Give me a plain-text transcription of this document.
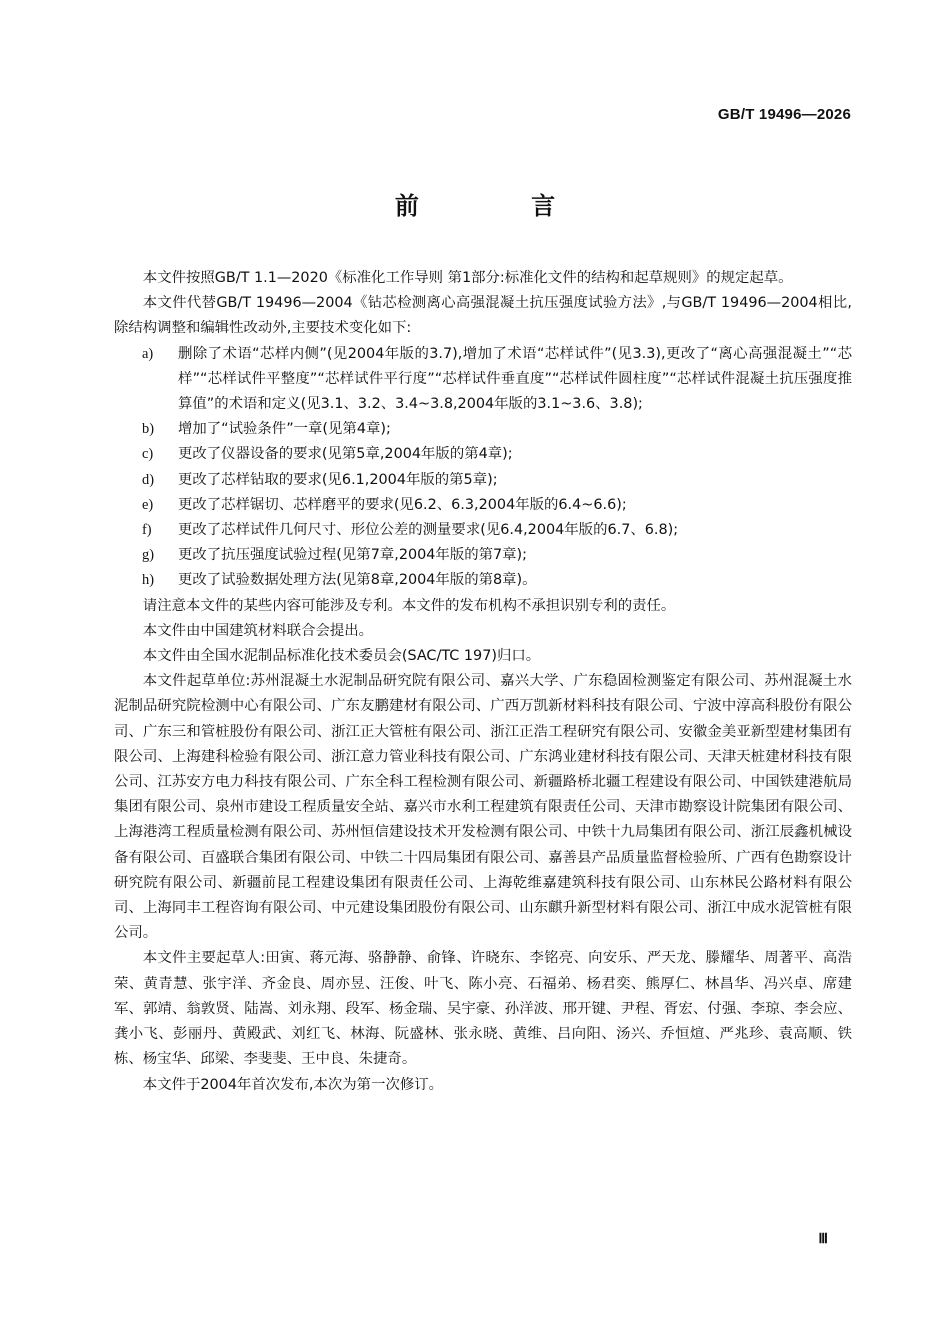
GB/T 19496—2026
前 言

本文件按照GB/T 1.1—2020《标准化工作导则 第1部分:标准化文件的结构和起草规则》的规定起草。

本文件代替GB/T 19496—2004《钻芯检测离心高强混凝土抗压强度试验方法》,与GB/T 19496—2004相比,除结构调整和编辑性改动外,主要技术变化如下:

a)	删除了术语“芯样内侧”(见2004年版的3.7),增加了术语“芯样试件”(见3.3),更改了“离心高强混凝土”“芯样”“芯样试件平整度”“芯样试件平行度”“芯样试件垂直度”“芯样试件圆柱度”“芯样试件混凝土抗压强度推算值”的术语和定义(见3.1、3.2、3.4~3.8,2004年版的3.1~3.6、3.8);
b)	增加了“试验条件”一章(见第4章);
c)	更改了仪器设备的要求(见第5章,2004年版的第4章);
d)	更改了芯样钻取的要求(见6.1,2004年版的第5章);
e)	更改了芯样锯切、芯样磨平的要求(见6.2、6.3,2004年版的6.4~6.6);
f)	更改了芯样试件几何尺寸、形位公差的测量要求(见6.4,2004年版的6.7、6.8);
g)	更改了抗压强度试验过程(见第7章,2004年版的第7章);
h)	更改了试验数据处理方法(见第8章,2004年版的第8章)。

请注意本文件的某些内容可能涉及专利。本文件的发布机构不承担识别专利的责任。

本文件由中国建筑材料联合会提出。

本文件由全国水泥制品标准化技术委员会(SAC/TC 197)归口。

本文件起草单位:苏州混凝土水泥制品研究院有限公司、嘉兴大学、广东稳固检测鉴定有限公司、苏州混凝土水泥制品研究院检测中心有限公司、广东友鹏建材有限公司、广西万凯新材料科技有限公司、宁波中淳高科股份有限公司、广东三和管桩股份有限公司、浙江正大管桩有限公司、浙江正浩工程研究有限公司、安徽金美亚新型建材集团有限公司、上海建科检验有限公司、浙江意力管业科技有限公司、广东鸿业建材科技有限公司、天津天桩建材科技有限公司、江苏安方电力科技有限公司、广东全科工程检测有限公司、新疆路桥北疆工程建设有限公司、中国铁建港航局集团有限公司、泉州市建设工程质量安全站、嘉兴市水利工程建筑有限责任公司、天津市勘察设计院集团有限公司、上海港湾工程质量检测有限公司、苏州恒信建设技术开发检测有限公司、中铁十九局集团有限公司、浙江辰鑫机械设备有限公司、百盛联合集团有限公司、中铁二十四局集团有限公司、嘉善县产品质量监督检验所、广西有色勘察设计研究院有限公司、新疆前昆工程建设集团有限责任公司、上海乾维嘉建筑科技有限公司、山东林民公路材料有限公司、上海同丰工程咨询有限公司、中元建设集团股份有限公司、山东麒升新型材料有限公司、浙江中成水泥管桩有限公司。

本文件主要起草人:田寅、蒋元海、骆静静、俞锋、许晓东、李铭亮、向安乐、严天龙、滕耀华、周著平、高浩荣、黄青慧、张宇洋、齐金良、周亦昱、汪俊、叶飞、陈小亮、石福弟、杨君奕、熊厚仁、林昌华、冯兴卓、席建军、郭靖、翁敦贤、陆嵩、刘永翔、段军、杨金瑞、吴宇豪、孙洋波、邢开键、尹程、胥宏、付强、李琼、李会应、龚小飞、彭丽丹、黄殿武、刘红飞、林海、阮盛林、张永晓、黄维、吕向阳、汤兴、乔恒煊、严兆珍、袁高顺、铁栋、杨宝华、邱梁、李斐斐、王中良、朱捷奇。

本文件于2004年首次发布,本次为第一次修订。

Ⅲ
